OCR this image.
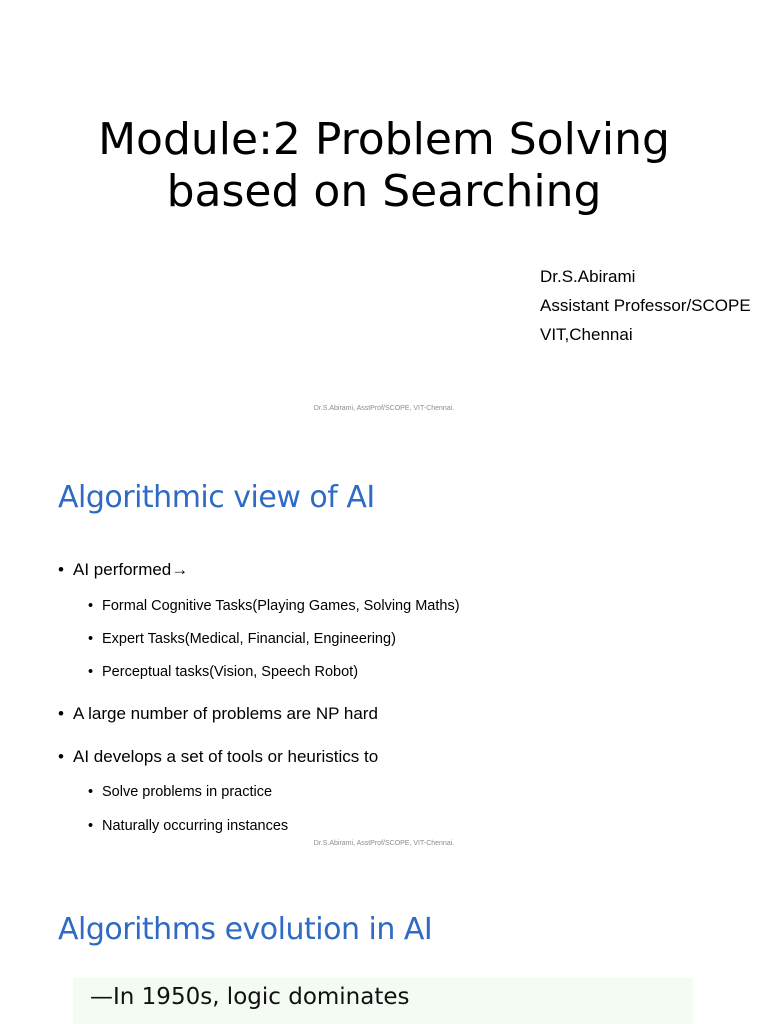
Module:2 Problem Solving
based on Searching
Dr.S.Abirami
Assistant Professor/SCOPE
VIT,Chennai
Dr.S.Abirami, AsstProf/SCOPE, VIT-Chennai.
Algorithmic view of AI
• AI performed→
• Formal Cognitive Tasks(Playing Games, Solving Maths)
• Expert Tasks(Medical, Financial, Engineering)
• Perceptual tasks(Vision, Speech Robot)
• A large number of problems are NP hard
• AI develops a set of tools or heuristics to
• Solve problems in practice
• Naturally occurring instances
Dr.S.Abirami, AsstProf/SCOPE, VIT-Chennai.
Algorithms evolution in AI
—In 1950s, logic dominates
